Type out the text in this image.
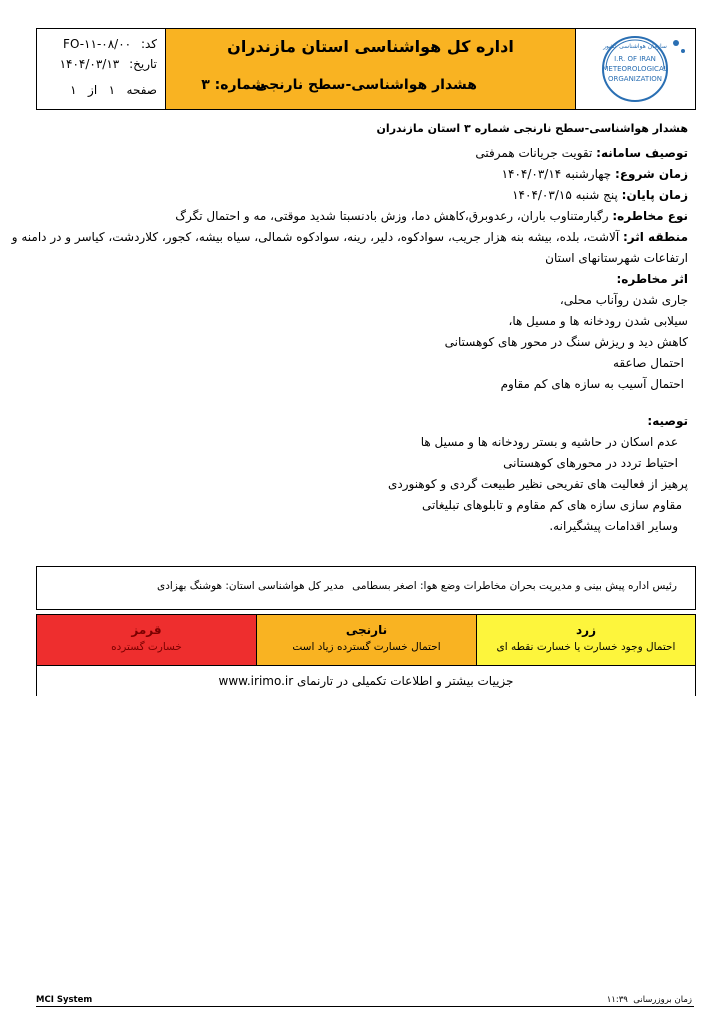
کد: FO-۱۱-۰۸/۰۰
تاریخ: ۱۴۰۴/۰۳/۱۳
صفحه   ۱   از   ۱
اداره کل هواشناسی استان مازندران
هشدار هواشناسی-سطح نارنجی
شماره: ۳
سازمان هواشناسی کشور
I.R. OF IRAN
METEOROLOGICAL
ORGANIZATION
هشدار هواشناسی-سطح نارنجی شماره ۳ استان مازندران
توصیف سامانه: تقویت جریانات همرفتی
زمان شروع: چهارشنبه ۱۴۰۴/۰۳/۱۴
زمان پایان: پنج شنبه ۱۴۰۴/۰۳/۱۵
نوع مخاطره: رگبارمتناوب باران، رعدوبرق،کاهش دما، وزش بادنسبتا شدید موقتی، مه و احتمال تگرگ
منطقه اثر: آلاشت، بلده، بیشه بنه هزار جریب، سوادکوه، دلیر، رینه، سوادکوه شمالی، سیاه بیشه، کجور، کلاردشت، کیاسر و در دامنه و
ارتفاعات شهرستانهای استان
اثر مخاطره:
جاری شدن روآناب محلی،
سیلابی شدن رودخانه ها و مسیل ها،
کاهش دید و ریزش سنگ در محور های کوهستانی
احتمال صاعقه
احتمال آسیب به سازه های کم مقاوم
توصیه:
عدم اسکان در حاشیه و بستر رودخانه ها و مسیل ها
احتیاط تردد در محورهای کوهستانی
پرهیز از فعالیت های تفریحی نظیر طبیعت گردی و کوهنوردی
مقاوم سازی سازه های کم مقاوم و تابلوهای تبلیغاتی
وسایر اقدامات پیشگیرانه.
رئیس اداره پیش بینی و مدیریت بحران مخاطرات وضع هوا: اصغر بسطامی
مدیر کل هواشناسی استان: هوشنگ بهزادی
قرمز
خسارت گسترده
نارنجی
احتمال خسارت گسترده زیاد است
زرد
احتمال وجود خسارت یا خسارت نقطه ای
جزییات بیشتر و اطلاعات تکمیلی در تارنمای www.irimo.ir
MCI System	زمان بروزرسانی  ۱۱:۳۹
